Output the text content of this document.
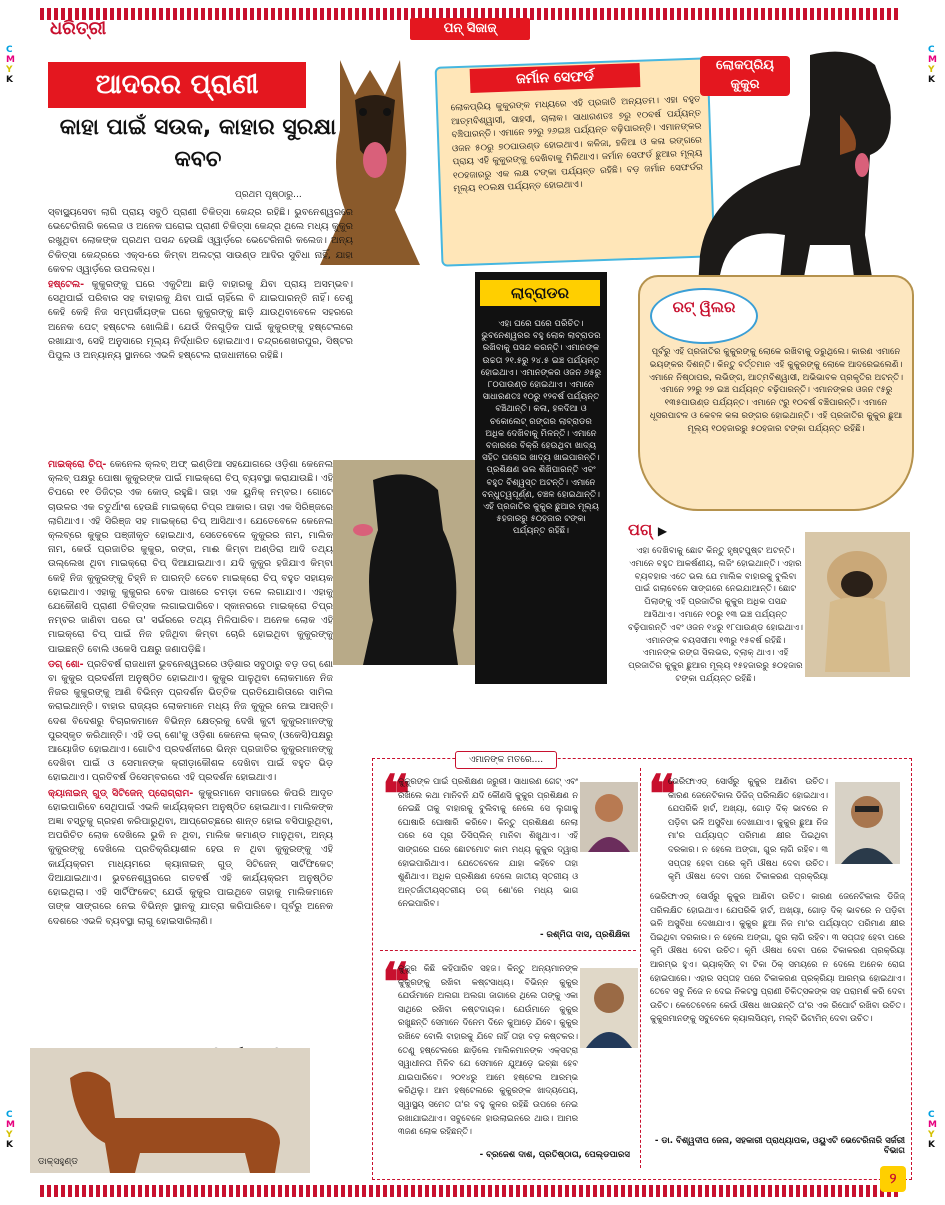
C
M
Y
K
C
M
Y
K
C
M
Y
K
C
M
Y
K
ଧରିତ୍ରୀ	ପନ୍ ସିଜାଜ୍
ଆଦରର ପ୍ରାଣୀ
କାହା ପାଇଁ ସଉକ, କାହାର ସୁରକ୍ଷା କବଚ
ପ୍ରଥମ ପୃଷ୍ଠାରୁ...
ଜର୍ମାନ ସେଫର୍ଡ
ଲୋକପ୍ରିୟ କୁକୁରଙ୍କ ମଧ୍ୟରେ ଏହି ପ୍ରଜାତି ଅନ୍ୟତମ। ଏହା ବହୁତ ଆତ୍ମବିଶ୍ୱାସୀ, ସାହସୀ, ଚାଲାକ। ସାଧାରଣତଃ ୭ରୁ ୧୦ବର୍ଷ ପର୍ଯ୍ୟନ୍ତ ବଞ୍ଚିପାରନ୍ତି। ଏମାନେ ୨୨ରୁ ୨୬ଇଞ୍ଚ ପର୍ଯ୍ୟନ୍ତ ବଢ଼ିପାରନ୍ତି। ଏମାନଙ୍କର ଓଜନ ୫୦ରୁ ୭୦ପାଉଣ୍ଡ ହୋଇଥାଏ। କଳିଜା, ହଳିଆ ଓ କଳା ରଙ୍ଗରେ ପ୍ରାୟ ଏହି କୁକୁରଙ୍କୁ ଦେଖିବାକୁ ମିଳିଥାଏ। ଜର୍ମାନ ସେଫର୍ଡ ଛୁଆର ମୂଲ୍ୟ ୧୦ହଜାରରୁ ଏକ ଲକ୍ଷ ଟଙ୍କା ପର୍ଯ୍ୟନ୍ତ ରହିଛି। ବଡ଼ ଜର୍ମାନ ସେଫର୍ଡର ମୂଲ୍ୟ ୧୦ଲକ୍ଷ ପର୍ଯ୍ୟନ୍ତ ହୋଇଥାଏ।
ଲୋକପ୍ରିୟ କୁକୁର

ସ୍ବାସ୍ଥ୍ୟସେବା ଲାଗି ପ୍ରାୟ ସବୁଠି ପ୍ରାଣୀ ଚିକିତ୍ସା କେନ୍ଦ୍ର ରହିଛି। ଭୁବନେଶ୍ୱରରେ ଭେଟେରିନାରି କଲେଜ ଓ ଅନେକ ଘରୋଇ ପ୍ରାଣୀ ଚିକିତ୍ସା କେନ୍ଦ୍ର ଥିଲେ ମଧ୍ୟ କୁକୁର ରଖୁଥିବା ଲୋକଙ୍କ ପ୍ରଥମ ପସନ୍ଦ ହେଉଛି ଓ୍ୱାର୍ଡ଼ରେ ଭେଟେରିନାରି କଲେଜ। ଅନ୍ୟ ଚିକିତ୍ସା କେନ୍ଦ୍ରରେ ଏକ୍ସ-ରେ କିମ୍ବା ଅଲଟ୍ରା ସାଉଣ୍ଡ ଆଦିର ସୁବିଧା ନାହିଁ, ଯାହା କେବଳ ଓ୍ୱାର୍ଡ଼ରେ ଉପଲବ୍ଧ।

ହଷ୍ଟେଲ- କୁକୁରଙ୍କୁ ଘରେ ଏକୁଟିଆ ଛାଡ଼ି ବାହାରକୁ ଯିବା ପ୍ରାୟ ଅସମ୍ଭବ। ସେଥିପାଇଁ ପରିବାର ସହ ବାହାରକୁ ଯିବା ପାଇଁ ଚାହିଁଲେ ବି ଯାଇପାରନ୍ତି ନାହିଁ। ତେଣୁ କେହି କେହି ନିଜ ସମ୍ପର୍କୀୟଙ୍କ ଘରେ କୁକୁରଙ୍କୁ ଛାଡ଼ି ଯାଉଥିବାବେଳେ ସହରରେ ଅନେକ ପେଟ୍ ହଷ୍ଟେଲ ଖୋଲିଛି। ଯେଉଁ ଦିନଗୁଡ଼ିକ ପାଇଁ କୁକୁରଙ୍କୁ ହଷ୍ଟେଲରେ ରଖାଯାଏ, ସେହି ଅନୁସାରେ ମୂଲ୍ୟ ନିର୍ଦ୍ଧାରିତ ହୋଇଥାଏ। ଚନ୍ଦ୍ରଶେଖରପୁର, ସିଷ୍ଟର ପିପୁଲ ଓ ଅନ୍ୟାନ୍ୟ ସ୍ଥାନରେ ଏଭଳି ହଷ୍ଟେଲ ରାଜଧାନୀରେ ରହିଛି।

ମାଇକ୍ରୋ ଚିପ୍- କେନେଲ କ୍ଲବ୍ ଅଫ୍ ଇଣ୍ଡିଆ ସହଯୋଗରେ ଓଡ଼ିଶା କେନେଲ କ୍ଲବ୍ ପକ୍ଷରୁ ପୋଷା କୁକୁରଙ୍କ ପାଇଁ ମାଇକ୍ରୋ ଚିପ୍ ବ୍ୟବସ୍ଥା କରାଯାଉଛି। ଏହି ଚିପରେ ୧୧ ଡିଜିଟ୍ର ଏକ କୋଡ୍ ରହୁଛି। ତାହା ଏକ ୟୁନିକ୍ ନମ୍ବର। ଗୋଟେ ଚାଉଳର ଏକ ଚତୁର୍ଥାଂଶ ହେଉଛି ମାଇକ୍ରୋ ଚିପ୍ର ଆକାର। ତାହା ଏକ ସିରିଞ୍ଜରେ ଲାଗିଥାଏ। ଏହି ସିରିଞ୍ଜ ସହ ମାଇକ୍ରୋ ଚିପ୍ ଆସିଥାଏ। ଯେତେବେଳେ କେନେଲ କ୍ଲବ୍ରେ କୁକୁର ପଞ୍ଜୀକୃତ ହୋଇଥାଏ, ସେତେବେଳେ କୁକୁରର ନାମ, ମାଲିକ ନାମ, କେଉଁ ପ୍ରଜାତିର କୁକୁର, ରଙ୍ଗ, ମାଈ କିମ୍ବା ଅଣ୍ଡିରା ଆଦି ତଥ୍ୟ ଉଲ୍ଲେଖ ଥିବା ମାଇକ୍ରୋ ଚିପ୍ ଦିଆଯାଇଥାଏ। ଯଦି କୁକୁର ହଜିଯାଏ କିମ୍ବା କେହି ନିଜ କୁକୁରଙ୍କୁ ଚିହ୍ନି ନ ପାରନ୍ତି ତେବେ ମାଇକ୍ରୋ ଚିପ୍ ବହୁତ ସହାୟକ ହୋଇଥାଏ। ଏହାକୁ କୁକୁରର ବେକ ପାଖରେ ଚମଡ଼ା ତଳେ ଲଗାଯାଏ। ଏହାକୁ ଯେକୌଣସି ପ୍ରାଣୀ ଚିକିତ୍ସକ ଲଗାଇପାରିବେ। ସ୍କାନରରେ ମାଇକ୍ରୋ ଚିପ୍ର ନମ୍ବର ଜାଣିବା ପରେ ତା' ସର୍ଭରରେ ତଥ୍ୟ ମିଳିପାରିବ। ଅନେକ ଲୋକ ଏହି ମାଇକ୍ରୋ ଚିପ୍ ପାଇଁ ନିଜ ହଜିଥିବା କିମ୍ବା ଚୋରି ହୋଇଥିବା କୁକୁରଙ୍କୁ ପାଇଛନ୍ତି ବୋଲି ଓକେସି ପକ୍ଷରୁ ଜଣାପଡ଼ିଛି।

ଡଗ୍ ଶୋ- ପ୍ରତିବର୍ଷ ରାଜଧାନୀ ଭୁବନେଶ୍ୱରରେ ଓଡ଼ିଶାର ସବୁଠାରୁ ବଡ଼ ଡଗ୍ ଶୋ ବା କୁକୁର ପ୍ରଦର୍ଶନୀ ଅନୁଷ୍ଠିତ ହୋଇଥାଏ। କୁକୁର ପାଳୁଥିବା ଲୋକମାନେ ନିଜ ନିଜର କୁକୁରଙ୍କୁ ଆଣି ବିଭିନ୍ନ ପ୍ରଦର୍ଶନ ଭିତ୍ତିକ ପ୍ରତିଯୋଗିତାରେ ସାମିଲ କରାଇଥାନ୍ତି। ବାହାର ରାଜ୍ୟର ଲୋକମାନେ ମଧ୍ୟ ନିଜ କୁକୁର ନେଇ ଆସନ୍ତି। ଦେଶ ବିଦେଶରୁ ବିଚାରକମାନେ ବିଭିନ୍ନ କ୍ଷେତ୍ରକୁ ଦେଖି କୁଟୀ କୁକୁରମାନଙ୍କୁ ପୁରସ୍କୃତ କରିଥାନ୍ତି। ଏହି ଡଗ୍ ଶୋ'କୁ ଓଡ଼ିଶା କେନେଲ କ୍ଲବ୍ (ଓକେସି)ପକ୍ଷରୁ ଆୟୋଜିତ ହୋଇଥାଏ। ଗୋଟିଏ ପ୍ରଦର୍ଶନୀରେ ଭିନ୍ନ ପ୍ରଜାତିର କୁକୁରମାନଙ୍କୁ ଦେଖିବା ପାଇଁ ଓ ସେମାନଙ୍କ କ୍ରୀଡ଼ାକୌଶଳ ଦେଖିବା ପାଇଁ ବହୁତ ଭିଡ଼ ହୋଇଥାଏ। ପ୍ରତିବର୍ଷ ଡିସେମ୍ବରରେ ଏହି ପ୍ରଦର୍ଶନ ହୋଇଥାଏ।

କ୍ୟାନାଇନ୍ ଗୁଡ୍ ସିଟିଜେନ୍ ପ୍ରୋଗ୍ରାମ- କୁକୁରମାନେ ସମାଜରେ କିପରି ଆଦୃତ ହୋଇପାରିବେ ସେଥିପାଇଁ ଏଭଳି କାର୍ଯ୍ୟକ୍ରମ ଅନୁଷ୍ଠିତ ହୋଇଥାଏ। ମାଲିକଙ୍କ ଅଜ୍ଞା ବସ୍ତୁକୁ ଗ୍ରହଣ କରିପାରୁଥିବା, ଆପ୍ରେଚ୍ଛରେ ଶାନ୍ତ ହୋଇ ବସିପାରୁଥିବା, ଅପରିଚିତ ଲୋକ ଦେଖିଲେ ଭୁକି ନ ଥିବା, ମାଲିକ କମାଣ୍ଡ ମାନୁଥିବା, ଅନ୍ୟ କୁକୁରଙ୍କୁ ଦେଖିଲେ ପ୍ରତିକ୍ରିୟାଶୀଳ ହେଉ ନ ଥିବା କୁକୁରଙ୍କୁ ଏହି କାର୍ଯ୍ୟକ୍ରମ ମାଧ୍ୟମରେ କ୍ୟାନାଇନ୍ ଗୁଡ୍ ସିଟିଜେନ୍ ସାର୍ଟିଫିକେଟ୍ ଦିଆଯାଇଥାଏ। ଭୁବନେଶ୍ୱରରେ ଗତବର୍ଷ ଏହି କାର୍ଯ୍ୟକ୍ରମ ଅନୁଷ୍ଠିତ ହୋଇଥିଲା। ଏହି ସାର୍ଟିଫିକେଟ୍ ଯେଉଁ କୁକୁର ପାଇଥିବେ ତାହାକୁ ମାଲିକମାନେ ତାଙ୍କ ସାଙ୍ଗରେ ନେଇ ବିଭିନ୍ନ ସ୍ଥାନକୁ ଯାତ୍ରା କରିପାରିବେ। ପୂର୍ବରୁ ଅନେକ ଦେଶରେ ଏଭଳି ବ୍ୟବସ୍ଥା ଲାଗୁ ହୋଇସାରିଲାଣି।

ଲାବ୍ରାଡର
ଏହା ଘରେ ଘରେ ପରିଚିତ। ଭୁବନେଶ୍ୱରର ବହୁ ଲୋକ ଲାବ୍ରାଡର ରଖିବାକୁ ପସନ୍ଦ କରନ୍ତି। ଏମାନଙ୍କ ଉଚ୍ଚତା ୨୧.୫ରୁ ୨୪.୫ ଇଞ୍ଚ ପର୍ଯ୍ୟନ୍ତ ହୋଇଥାଏ। ଏମାନଙ୍କର ଓଜନ ୬୫ରୁ ୮୦ପାଉଣ୍ଡ ହୋଇଥାଏ। ଏମାନେ ସାଧାରଣତଃ ୧୦ରୁ ୧୨ବର୍ଷ ପର୍ଯ୍ୟନ୍ତ ବଞ୍ଚିଥାନ୍ତି। କଳା, ହଳଦିଆ ଓ ଚକୋଲେଟ୍ ରଙ୍ଗର ଲାବ୍ରାଡର ଅଧିକ ଦେଖିବାକୁ ମିଳନ୍ତି। ଏମାନେ ବଜାରରେ ବିକ୍ରି ହେଉଥିବା ଖାଦ୍ୟ ସହିତ ଘରୋଇ ଖାଦ୍ୟ ଖାଇପାରନ୍ତି। ପ୍ରଶିକ୍ଷଣ ଭଲ ଶିଖିପାରନ୍ତି ଏବଂ ବହୁତ ବିଶ୍ୱସ୍ତ ଅଟନ୍ତି। ଏମାନେ ବନ୍ଧୁତ୍ୱପୂର୍ଣ୍ଣ, ଚଞ୍ଚଳ ହୋଇଥାନ୍ତି। ଏହି ପ୍ରଜାତିର କୁକୁର ଛୁଆର ମୂଲ୍ୟ ୫ହଜାରରୁ ୫୦ହଜାର ଟଙ୍କା ପର୍ଯ୍ୟନ୍ତ ରହିଛି।
ରଟ୍ ୱିଲର
ପୂର୍ବରୁ ଏହି ପ୍ରଜାତିର କୁକୁରଙ୍କୁ ଲୋକେ ରଖିବାକୁ ଡରୁଥିଲେ। କାରଣ ଏମାନେ ଭୟଙ୍କର ଦିଶନ୍ତି। କିନ୍ତୁ ବର୍ତ୍ତମାନ ଏହି କୁକୁରଙ୍କୁ ଲୋକେ ଆଦରେଇଲେଣି। ଏମାନେ ନିଷ୍ଠାପର, ଲଭିଙ୍ଗ, ଆତ୍ମବିଶ୍ୱାସୀ, ଅଭିଭାବକ ପ୍ରକୃତିର ଅଟନ୍ତି। ଏମାନେ ୨୨ରୁ ୨୭ ଇଞ୍ଚ ପର୍ଯ୍ୟନ୍ତ ବଢ଼ିପାରନ୍ତି। ଏମାନଙ୍କର ଓଜନ ୯୫ରୁ ୧୩୫ପାଉଣ୍ଡ ପର୍ଯ୍ୟନ୍ତ। ଏମାନେ ୯ରୁ ୧୦ବର୍ଷ ବଞ୍ଚିପାରନ୍ତି। ଏମାନେ ଧୂସରପାଟଳ ଓ କେବଳ କଳା ରଙ୍ଗର ହୋଇଥାନ୍ତି। ଏହି ପ୍ରଜାତିର କୁକୁର ଛୁଆ ମୂଲ୍ୟ ୧୦ହଜାରରୁ ୫୦ହଜାର ଟଙ୍କା ପର୍ଯ୍ୟନ୍ତ ରହିଛି।
ପଗ୍ ▶
ଏହା ଦେଖିବାକୁ ଛୋଟ କିନ୍ତୁ ହୃଷ୍ଟପୁଷ୍ଟ ଅଟନ୍ତି। ଏମାନେ ବହୁତ ଆକର୍ଷଣୀୟ, ଲଜିଂ ହୋଇଥାନ୍ତି। ଏହାର ବ୍ୟବହାର ଏତେ ଭଲ ଯେ ମାଲିକ ବାହାରକୁ ବୁଲିବା ପାଇଁ ଗଲାବେଳେ ସାଙ୍ଗରେ ନେଇଯାଆନ୍ତି। ଛୋଟ ପିଲାଙ୍କୁ ଏହି ପ୍ରଜାତିର କୁକୁର ଅଧିକ ପସନ୍ଦ ଆସିଥାଏ। ଏମାନେ ୧୦ରୁ ୧୩ ଇଞ୍ଚ ପର୍ଯ୍ୟନ୍ତ ବଢ଼ିପାରନ୍ତି ଏବଂ ଓଜନ ୧୪ରୁ ୧୮ପାଉଣ୍ଡ ହୋଇଥାଏ। ଏମାନଙ୍କ ବୟସସୀମା ୧୩ରୁ ୧୫ବର୍ଷ ରହିଛି। ଏମାନଙ୍କ ରଙ୍ଗ ସିଲଭର, ବ୍ଲାକ୍ ଥାଏ। ଏହି ପ୍ରଜାତିର କୁକୁର ଛୁଆର ମୂଲ୍ୟ ୧୫ହଜାରରୁ ୫୦ହଜାର ଟଙ୍କା ପର୍ଯ୍ୟନ୍ତ ରହିଛି।
ଡାକ୍ସହୁଣ୍ଡ
ଏମାନଙ୍କ ମତରେ....
❝
କୁକୁରଙ୍କ ପାଇଁ ପ୍ରଶିକ୍ଷଣ ଜରୁରୀ। ସାଧାରଣ ଗେଟ୍ ଏବଂ ରଖିଲେ କଥା ମାନିବନି ଯଦି କୌଣସି କୁକୁର ପ୍ରଶିକ୍ଷଣ ନ ନେଇଛି ତାକୁ ବାହାରକୁ ବୁଲିବାକୁ ନେଲେ ସେ ଲୁଗାକୁ ଘୋଷାରି ଘୋଷାରି କରିବେ। କିନ୍ତୁ ପ୍ରଶିକ୍ଷଣ ନେଲା ପରେ ସେ ପୂରା ଡିସିପ୍ଲିନ୍ ମାନିବା ଶିଖୁଥାଏ। ଏହି ସାଙ୍ଗରେ ଘରେ ଛୋଟମୋଟ କାମ ମଧ୍ୟ କୁକୁର ଦ୍ୱାରା ହୋଇପାରିଥାଏ। ଯେତେବେଳେ ଯାହା କହିବେ ତାହା ଶୁଣିଥାଏ। ଅଧିକ ପ୍ରଶିକ୍ଷଣ ଦେଲେ ଜାତୀୟ ସ୍ତରୀୟ ଓ ଅନ୍ତର୍ଜାତୀୟସ୍ତରୀୟ ଡଗ୍ ଶୋ'ରେ ମଧ୍ୟ ଭାଗ ନେଇପାରିବ।
- ରଶ୍ମିତା ଦାସ, ପ୍ରଶିକ୍ଷିକା
❝
କୁକୁର କିଛି କହିପାରିବ ସହଜ। କିନ୍ତୁ ଅନ୍ୟମାନଙ୍କ କୁକୁରଙ୍କୁ ରଖିବା କଷ୍ଟସାଧ୍ୟ। ବିଭିନ୍ନ କୁକୁର ଯେଉଁମାନେ ଅଲଗା ଅଲଗା ଜାଗାରେ ଥିଲେ ତାଙ୍କୁ ଏକା ସାଥିରେ ରଖିବା କଷ୍ଟଦାୟକ। ଯେଉଁମାନେ କୁକୁର ରଖୁଛନ୍ତି ସେମାନେ ଦିନେମ ଦିନେ କୁଆଡ଼େ ଯିବେ। କୁକୁର ରଖିବେ ବୋଲି ବାହାରକୁ ଯିବେ ନାହିଁ ତାହା ବଡ଼ କଷ୍ଟକର। ତେଣୁ ହଷ୍ଟେଲରେ ଛାଡ଼ିଲେ ମାଲିକମାନଙ୍କ ଏକ୍ସଟ୍ରା ସ୍ୱାଧୀନତା ମିଳିବ ଯେ ସେମାନେ ଯୁଆଡ଼େ ଇଚ୍ଛା ହେବ ଯାଇପାରିବେ। ୨୦୧୪ରୁ ଆମେ ହଷ୍ଟେଲ ଆରମ୍ଭ କରିଥିଲୁ। ଆମ ହଷ୍ଟେଲରେ କୁକୁରଙ୍କ ଖାଦ୍ୟପେୟ, ସ୍ୱାସ୍ଥ୍ୟ ସମେତ ତା'ର ବହୁ କୁଳର ରହିଛି ଉପରେ ନେଇ ରଖାଯାଇଥାଏ। ସବୁବେଳେ ହାଉଲାଇନରେ ଥାଉ। ଆମର ୩ଜଣ ଲୋକ ରହିଛନ୍ତି।
- ବ୍ରଜେଶ ଦାଶ, ପ୍ରତିଷ୍ଠାତା, ପେଲ୍ଡପାରସ
❝
ଭେରିଫାଏଡ୍ ସୋର୍ସରୁ କୁକୁର ଆଣିବା ଉଚିତ। କାରଣ ଜେନେଟିକାଲ ଡିଜିଜ୍ ପରିଲକ୍ଷିତ ହୋଇଥାଏ। ଯେପରିକି ହାର୍ଟ, ଅଖ୍ୟା, ଗୋଡ଼ ଦିକ୍ ଭାବରେ ନ ପଡ଼ିବା ଭଳି ଅସୁବିଧା ଦେଖାଯାଏ। କୁକୁର ଛୁଆ ନିଜ ମା'ର ପର୍ଯ୍ୟାପ୍ତ ପରିମାଣ କ୍ଷୀର ପିଇଥିବା ଦରକାର। ନ ହେଲେ ଅଙ୍ଗା, ଗୁର ଲାଗି ରହିବ। ୩ ସପ୍ତାହ ହେବା ପରେ କୃମି ଔଷଧ ଦେବା ଉଚିତ। କୃମି ଔଷଧ ଦେବା ପରେ ଟିକାକରଣ ପ୍ରକ୍ରିୟା
ଭେରିଫାଏଡ୍ ସୋର୍ସରୁ କୁକୁର ଆଣିବା ଉଚିତ। କାରଣ ଜେନେଟିକାଲ ଡିଜିଜ୍ ପରିଲକ୍ଷିତ ହୋଇଥାଏ। ଯେପରିକି ହାର୍ଟ, ଅଖ୍ୟା, ଗୋଡ଼ ଦିକ୍ ଭାବରେ ନ ପଡ଼ିବା ଭଳି ଅସୁବିଧା ଦେଖାଯାଏ। କୁକୁର ଛୁଆ ନିଜ ମା'ର ପର୍ଯ୍ୟାପ୍ତ ପରିମାଣ କ୍ଷୀର ପିଇଥିବା ଦରକାର। ନ ହେଲେ ଅଙ୍ଗା, ଗୁର ଲାଗି ରହିବ। ୩ ସପ୍ତାହ ହେବା ପରେ କୃମି ଔଷଧ ଦେବା ଉଚିତ। କୃମି ଔଷଧ ଦେବା ପରେ ଟିକାକରଣ ପ୍ରକ୍ରିୟା ଆରମ୍ଭ ହୁଏ। ଭ୍ୟାକ୍ସିନ୍ ବା ଟିକା ଠିକ୍ ସମୟରେ ନ ଦେଲେ ଅନେକ ରୋଗ ହୋଇପାରେ। ଏହାର ସପ୍ତାହ ପରେ ଟିକାକରଣ ପ୍ରକ୍ରିୟା ଆରମ୍ଭ ହୋଇଥାଏ। ତେବେ ସବୁ ନିଜେ ନ ଦେଇ ନିକଟସ୍ଥ ପ୍ରାଣୀ ଚିକିତ୍ସକଙ୍କ ସହ ପରାମର୍ଶ କରି ଦେବା ଉଚିତ। କେତେବେଳେ କେଉଁ ଔଷଧ ଖାଉଛନ୍ତି ତା'ର ଏକ ରିପୋର୍ଟ ରଖିବା ଉଚିତ। କୁକୁରମାନଙ୍କୁ ସବୁବେଳେ କ୍ୟାଲସିୟମ୍, ମଲ୍ଟି ଭିଟାମିନ୍ ଦେବା ଉଚିତ।
- ଡା. ବିଶ୍ୱଦୀପ ଜେନା, ସହକାରୀ ପ୍ରାଧ୍ୟାପକ, ଓୟୁଏଟି ଭେଟେରିନାରି ସର୍ଜରୀ ବିଭାଗ
୨
